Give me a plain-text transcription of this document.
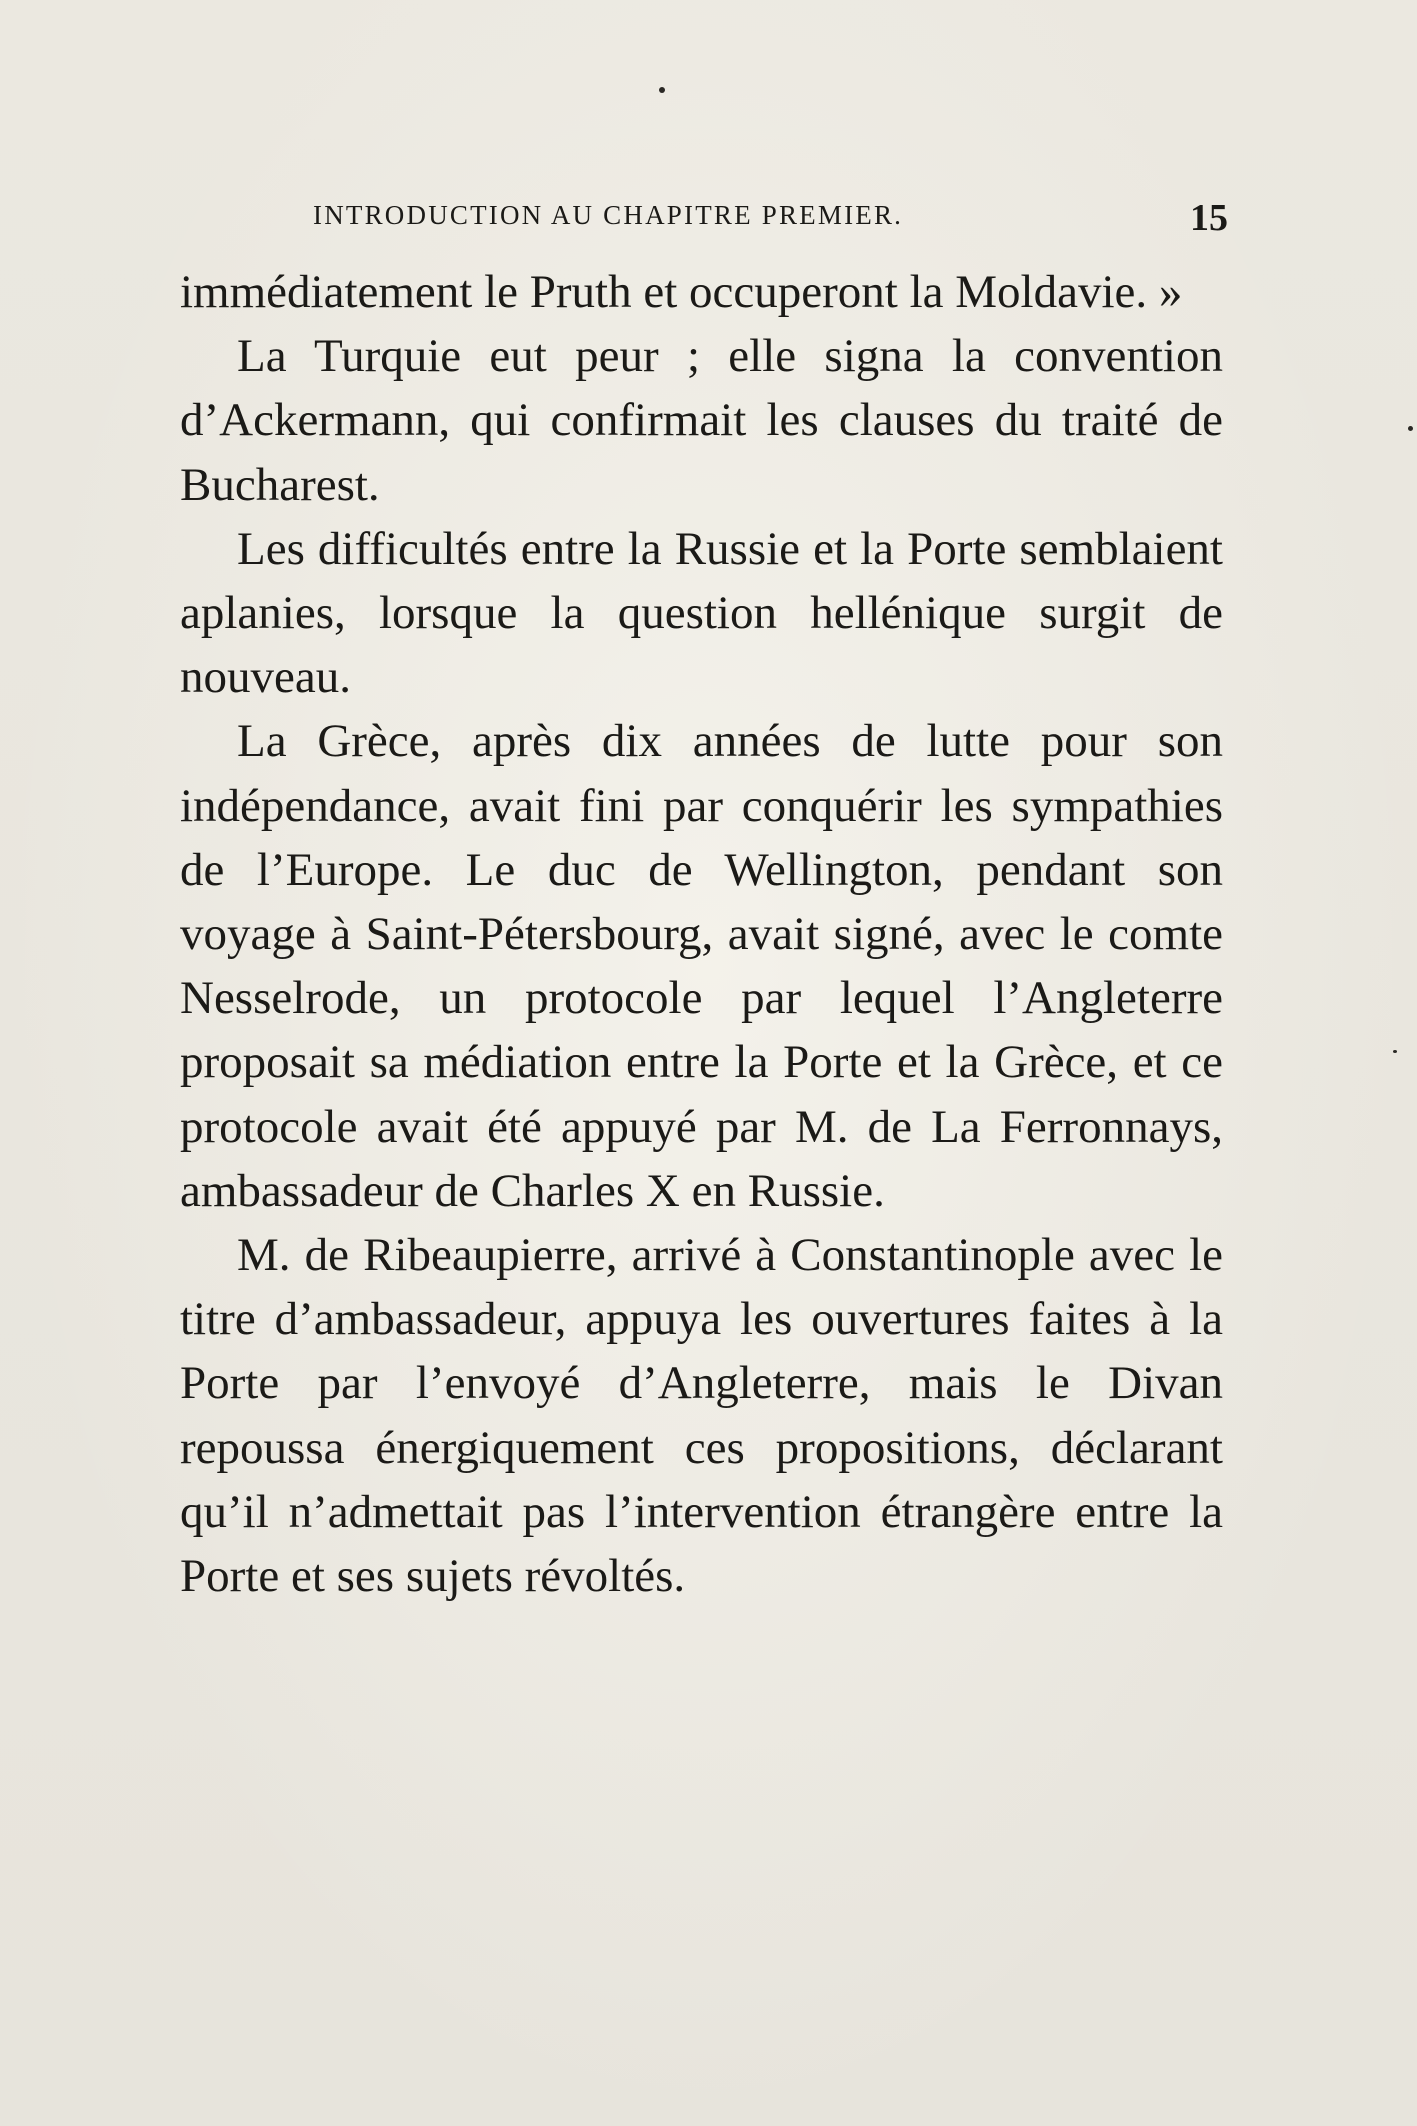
INTRODUCTION AU CHAPITRE PREMIER.	15

immédiatement le Pruth et occuperont la Moldavie. »

La Turquie eut peur ; elle signa la convention d’Ackermann, qui confirmait les clauses du traité de Bucharest.

Les difficultés entre la Russie et la Porte semblaient aplanies, lorsque la question hellénique surgit de nouveau.

La Grèce, après dix années de lutte pour son indépendance, avait fini par conquérir les sympathies de l’Europe. Le duc de Wellington, pendant son voyage à Saint-Pétersbourg, avait signé, avec le comte Nesselrode, un protocole par lequel l’Angleterre proposait sa médiation entre la Porte et la Grèce, et ce protocole avait été appuyé par M. de La Ferronnays, ambassadeur de Charles X en Russie.

M. de Ribeaupierre, arrivé à Constantinople avec le titre d’ambassadeur, appuya les ouvertures faites à la Porte par l’envoyé d’Angleterre, mais le Divan repoussa énergiquement ces propositions, déclarant qu’il n’admettait pas l’intervention étrangère entre la Porte et ses sujets révoltés.
